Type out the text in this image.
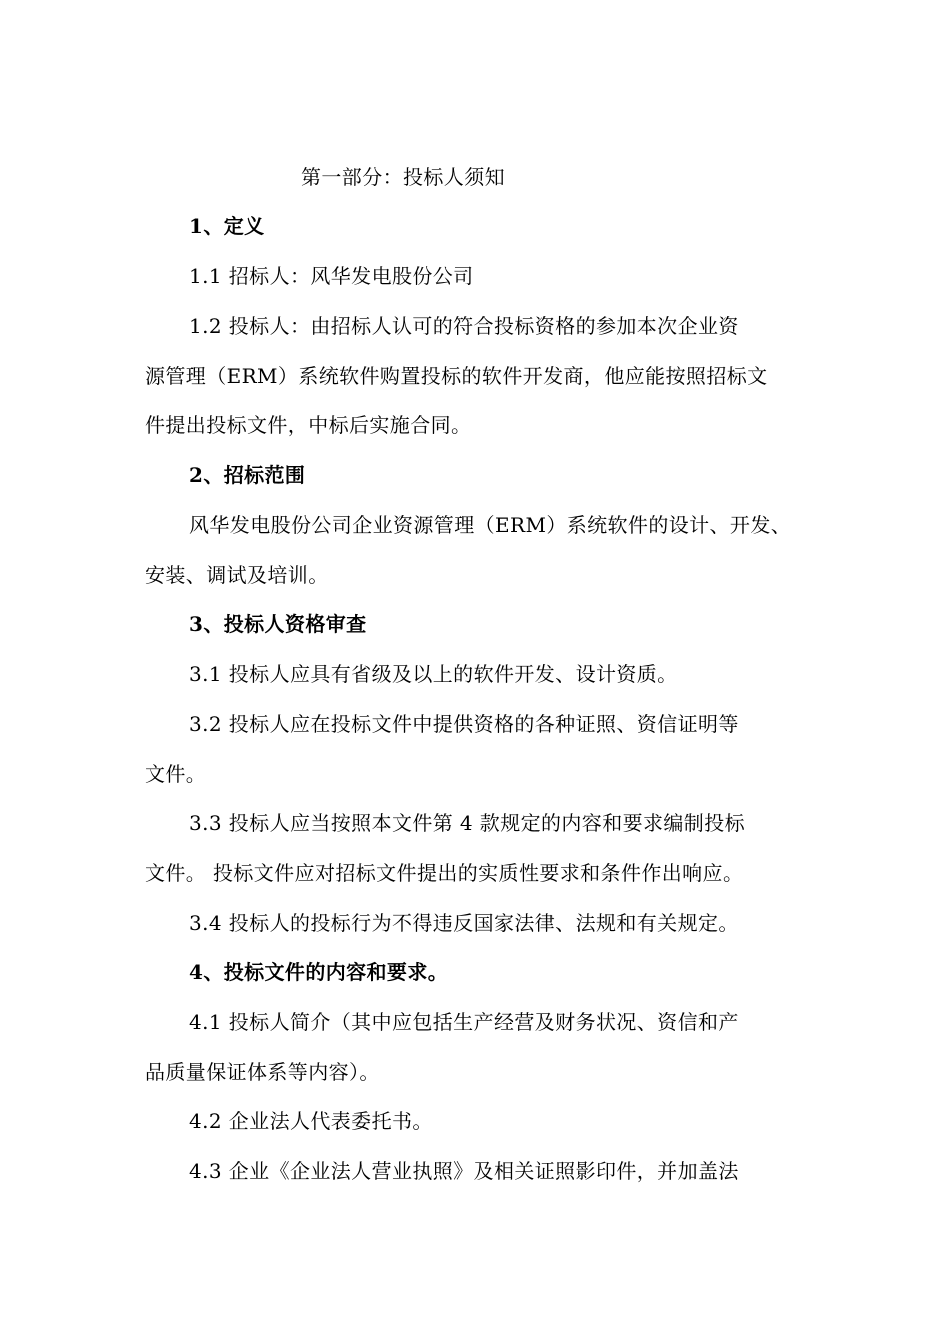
第一部分：投标人须知
1、定义
1.1 招标人：风华发电股份公司
1.2 投标人：由招标人认可的符合投标资格的参加本次企业资
源管理（ERM）系统软件购置投标的软件开发商，他应能按照招标文
件提出投标文件，中标后实施合同。
2、招标范围
风华发电股份公司企业资源管理（ERM）系统软件的设计、开发、
安装、调试及培训。
3、投标人资格审查
3.1 投标人应具有省级及以上的软件开发、设计资质。
3.2 投标人应在投标文件中提供资格的各种证照、资信证明等
文件。
3.3 投标人应当按照本文件第 4 款规定的内容和要求编制投标
文件。 投标文件应对招标文件提出的实质性要求和条件作出响应。
3.4 投标人的投标行为不得违反国家法律、法规和有关规定。
4、投标文件的内容和要求。
4.1 投标人简介（其中应包括生产经营及财务状况、资信和产
品质量保证体系等内容）。
4.2 企业法人代表委托书。
4.3 企业《企业法人营业执照》及相关证照影印件，并加盖法
